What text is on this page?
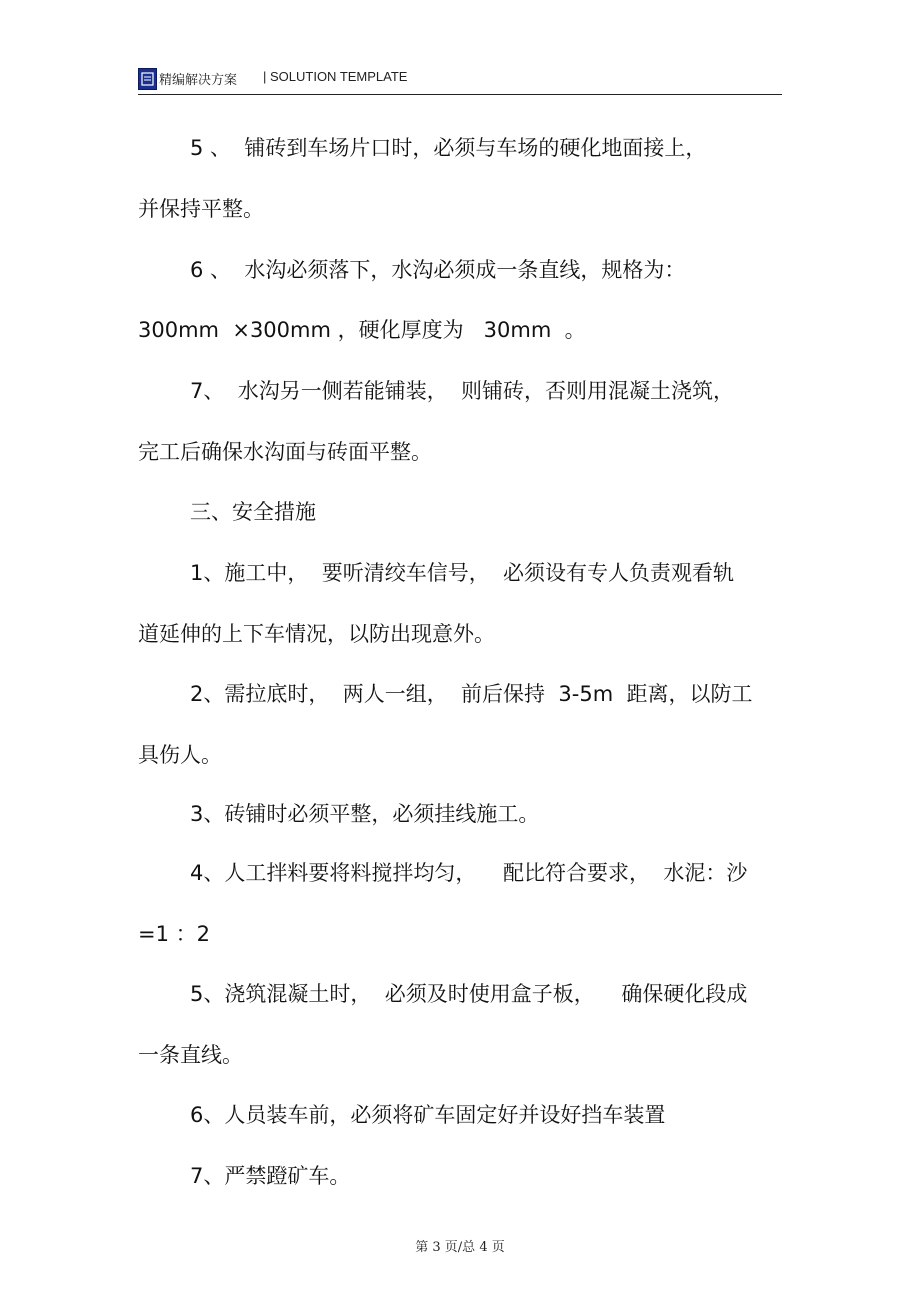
精编解决方案 | SOLUTION TEMPLATE
5 、  铺砖到车场片口时，必须与车场的硬化地面接上，
并保持平整。
6 、  水沟必须落下，水沟必须成一条直线，规格为：
300mm  ×300mm ，硬化厚度为   30mm  。
7、  水沟另一侧若能铺装，  则铺砖，否则用混凝土浇筑，
完工后确保水沟面与砖面平整。
三、安全措施
1、施工中，  要听清绞车信号，  必须设有专人负责观看轨
道延伸的上下车情况，以防出现意外。
2、需拉底时，  两人一组，  前后保持  3-5m  距离，以防工
具伤人。
3、砖铺时必须平整，必须挂线施工。
4、人工拌料要将料搅拌均匀，    配比符合要求，  水泥：沙
=1 ：2
5、浇筑混凝土时，  必须及时使用盒子板，    确保硬化段成
一条直线。
6、人员装车前，必须将矿车固定好并设好挡车装置
7、严禁蹬矿车。
第 3 页/总 4 页
